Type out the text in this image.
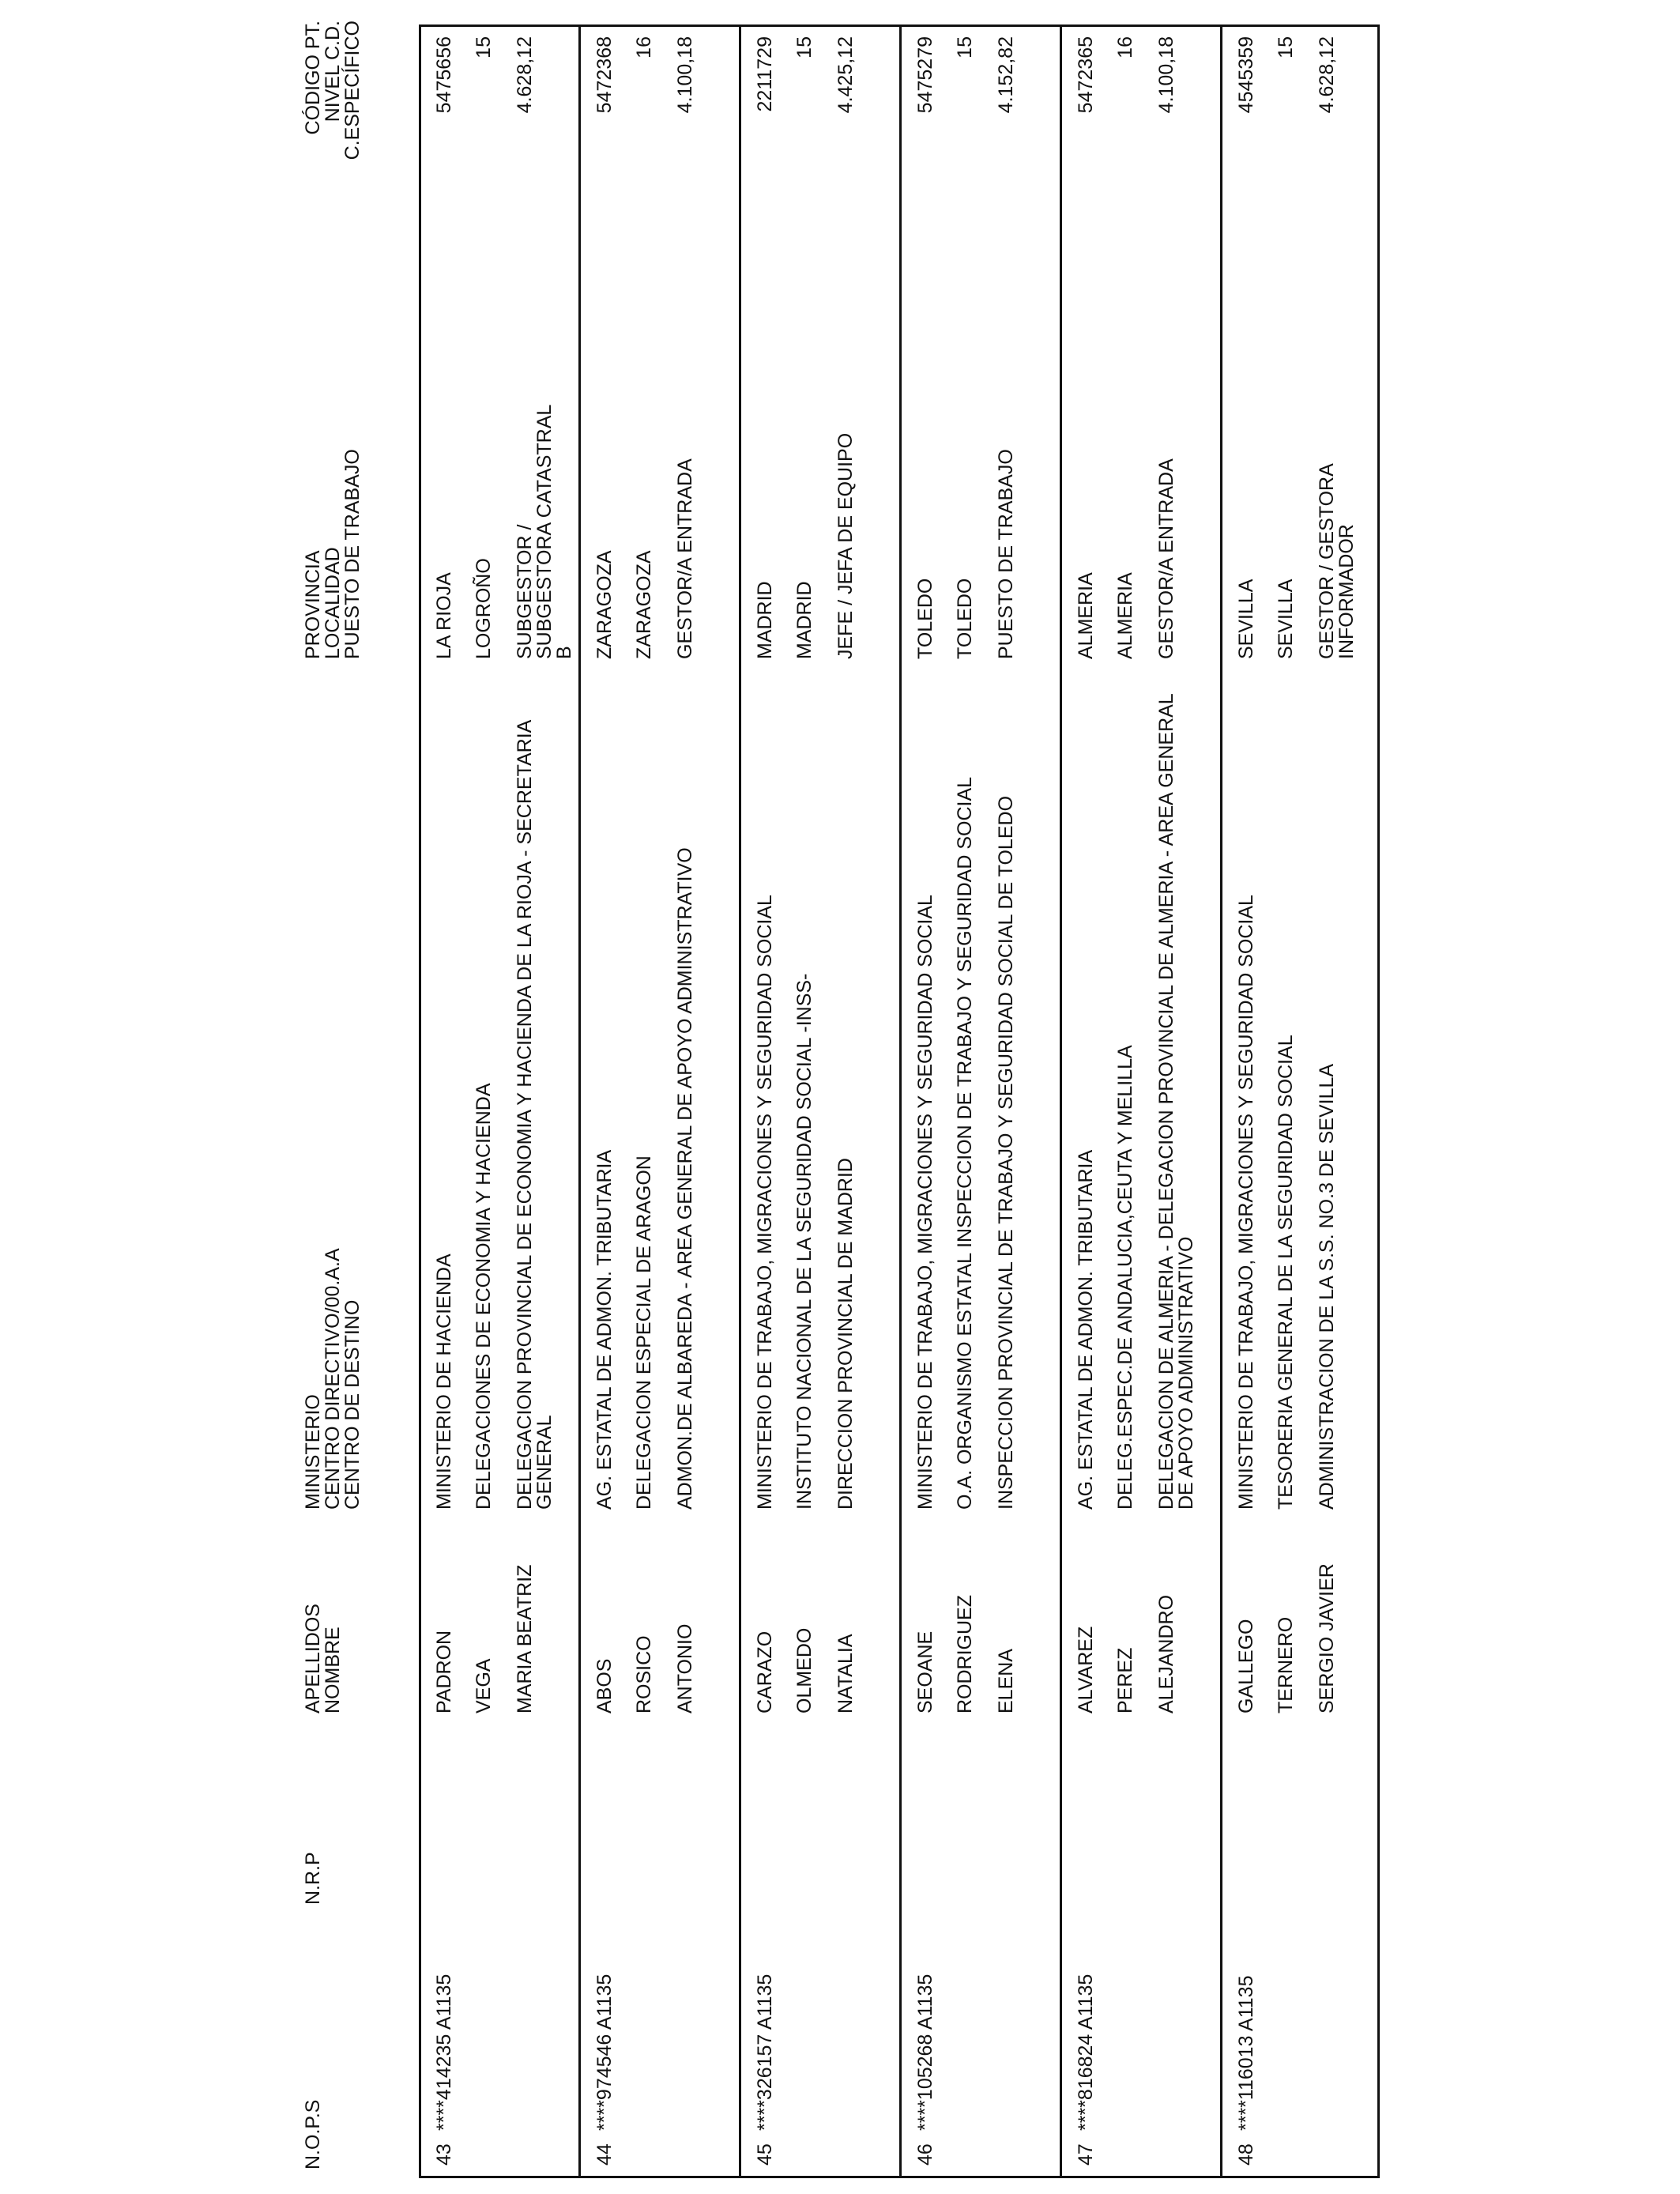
N.O.P.S
N.R.P
APELLIDOS
NOMBRE
MINISTERIO
CENTRO DIRECTIVO/00.A.A
CENTRO DE DESTINO
PROVINCIA
LOCALIDAD
PUESTO DE TRABAJO
CÓDIGO PT.
NIVEL C.D.
C.ESPECÍFICO
43
****414235 A1135
PADRON VEGA MARIA BEATRIZ
MINISTERIO DE HACIENDA DELEGACIONES DE ECONOMIA Y HACIENDA DELEGACION PROVINCIAL DE ECONOMIA Y HACIENDA DE LA RIOJA - SECRETARIA GENERAL
LA RIOJA LOGROÑO SUBGESTOR / SUBGESTORA CATASTRAL B
5475656 15 4.628,12
44
****974546 A1135
ABOS ROSICO ANTONIO
AG. ESTATAL DE ADMON. TRIBUTARIA DELEGACION ESPECIAL DE ARAGON ADMON.DE ALBAREDA - AREA GENERAL DE APOYO ADMINISTRATIVO
ZARAGOZA ZARAGOZA GESTOR/A ENTRADA
5472368 16 4.100,18
45
****326157 A1135
CARAZO OLMEDO NATALIA
MINISTERIO DE TRABAJO, MIGRACIONES Y SEGURIDAD SOCIAL INSTITUTO NACIONAL DE LA SEGURIDAD SOCIAL -INSS- DIRECCION PROVINCIAL DE MADRID
MADRID MADRID JEFE / JEFA DE EQUIPO
2211729 15 4.425,12
46
****105268 A1135
SEOANE RODRIGUEZ ELENA
MINISTERIO DE TRABAJO, MIGRACIONES Y SEGURIDAD SOCIAL O.A. ORGANISMO ESTATAL INSPECCION DE TRABAJO Y SEGURIDAD SOCIAL INSPECCION PROVINCIAL DE TRABAJO Y SEGURIDAD SOCIAL DE TOLEDO
TOLEDO TOLEDO PUESTO DE TRABAJO
5475279 15 4.152,82
47
****816824 A1135
ALVAREZ PEREZ ALEJANDRO
AG. ESTATAL DE ADMON. TRIBUTARIA DELEG.ESPEC.DE ANDALUCIA,CEUTA Y MELILLA DELEGACION DE ALMERIA - DELEGACION PROVINCIAL DE ALMERIA - AREA GENERAL DE APOYO ADMINISTRATIVO
ALMERIA ALMERIA GESTOR/A ENTRADA
5472365 16 4.100,18
48
****116013 A1135
GALLEGO TERNERO SERGIO JAVIER
MINISTERIO DE TRABAJO, MIGRACIONES Y SEGURIDAD SOCIAL TESORERIA GENERAL DE LA SEGURIDAD SOCIAL ADMINISTRACION DE LA S.S. NO.3 DE SEVILLA
SEVILLA SEVILLA GESTOR / GESTORA INFORMADOR
4545359 15 4.628,12
